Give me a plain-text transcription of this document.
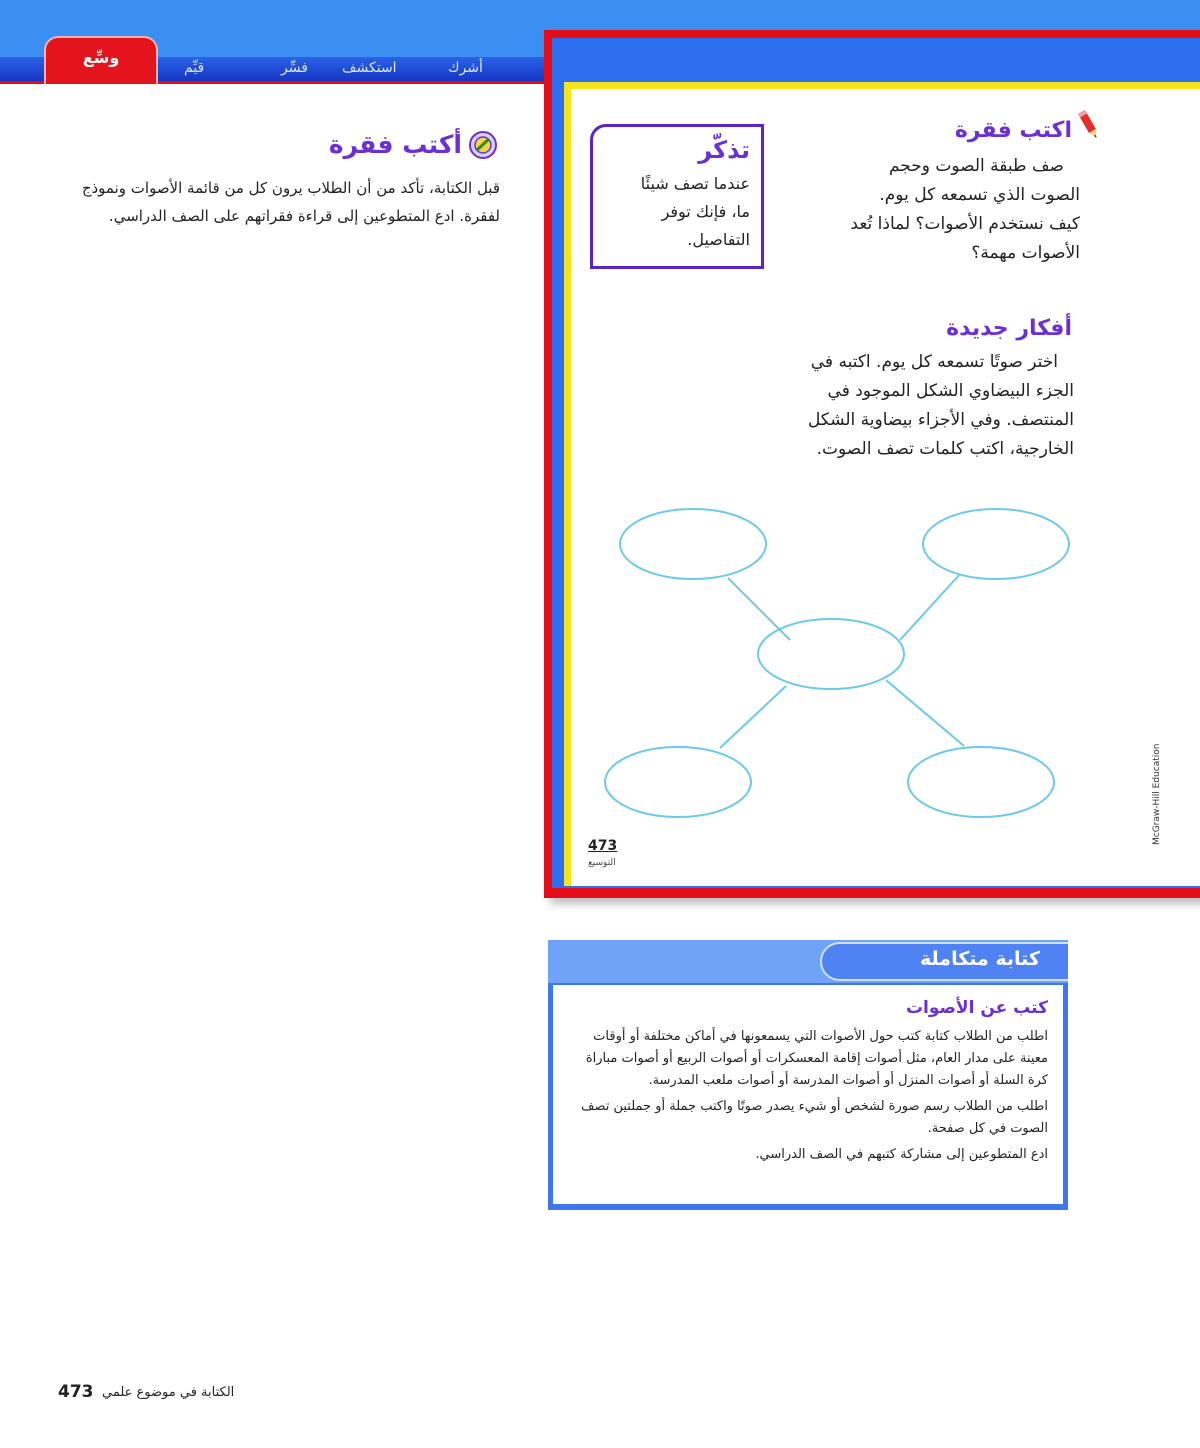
وسِّع
قيِّم	فسِّر استكشف	أشرك
أكتب فقرة
قبل الكتابة، تأكد من أن الطلاب يرون كل من قائمة الأصوات ونموذج لفقرة. ادع المتطوعين إلى قراءة فقراتهم على الصف الدراسي.
اكتب فقرة
صف طبقة الصوت وحجم
الصوت الذي تسمعه كل يوم.
كيف نستخدم الأصوات؟ لماذا تُعد
الأصوات مهمة؟
تذكّر
عندما تصف شيئًا
ما، فإنك توفر
التفاصيل.
أفكار جديدة
اختر صوتًا تسمعه كل يوم. اكتبه في
الجزء البيضاوي الشكل الموجود في
المنتصف. وفي الأجزاء بيضاوية الشكل
الخارجية، اكتب كلمات تصف الصوت.
473
التوسيع
McGraw-Hill Education
كتابة متكاملة
كتب عن الأصوات
اطلب من الطلاب كتابة كتب حول الأصوات التي يسمعونها في أماكن مختلفة أو أوقات معينة على مدار العام، مثل أصوات إقامة المعسكرات أو أصوات الربيع أو أصوات مباراة كرة السلة أو أصوات المنزل أو أصوات المدرسة أو أصوات ملعب المدرسة.
اطلب من الطلاب رسم صورة لشخص أو شيء يصدر صوتًا واكتب جملة أو جملتين تصف الصوت في كل صفحة.
ادع المتطوعين إلى مشاركة كتبهم في الصف الدراسي.
473 الكتابة في موضوع علمي
